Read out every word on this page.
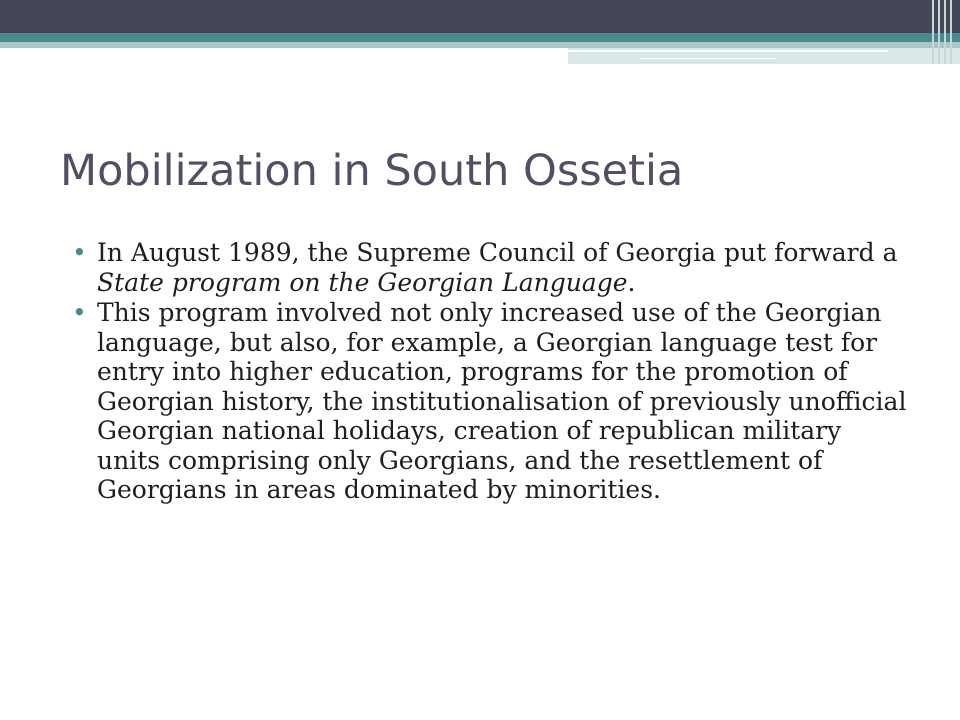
Mobilization in South Ossetia
• In August 1989, the Supreme Council of Georgia put forward a State program on the Georgian Language.
• This program involved not only increased use of the Georgian language, but also, for example, a Georgian language test for entry into higher education, programs for the promotion of Georgian history, the institutionalisation of previously unofficial Georgian national holidays, creation of republican military units comprising only Georgians, and the resettlement of Georgians in areas dominated by minorities.
